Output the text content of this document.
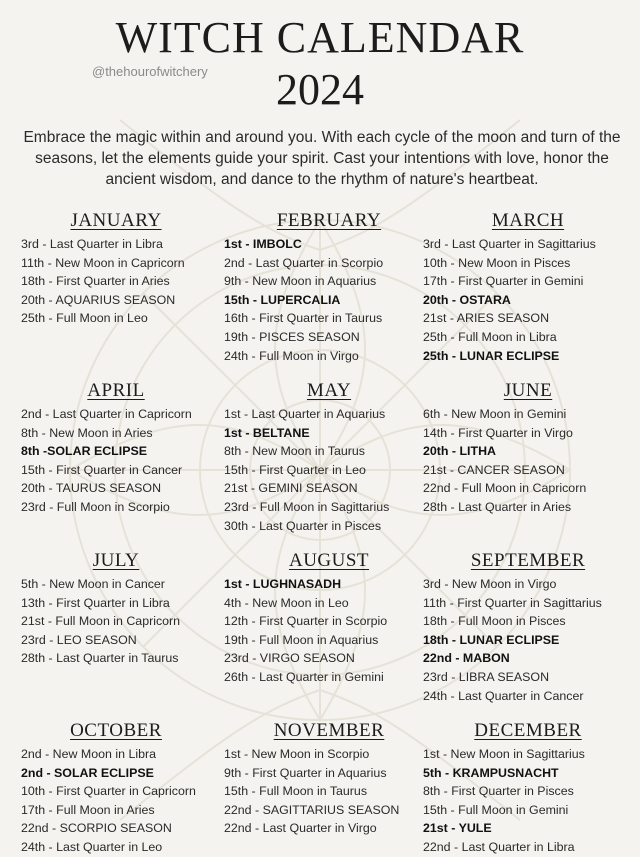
WITCH CALENDAR
@thehourofwitchery	2024
Embrace the magic within and around you. With each cycle of the moon and turn of the seasons, let the elements guide your spirit. Cast your intentions with love, honor the ancient wisdom, and dance to the rhythm of nature's heartbeat.
JANUARY
3rd - Last Quarter in Libra
11th - New Moon in Capricorn
18th - First Quarter in Aries
20th - AQUARIUS SEASON
25th - Full Moon in Leo
FEBRUARY
1st - IMBOLC
2nd - Last Quarter in Scorpio
9th - New Moon in Aquarius
15th - LUPERCALIA
16th - First Quarter in Taurus
19th - PISCES SEASON
24th - Full Moon in Virgo
MARCH
3rd - Last Quarter in Sagittarius
10th - New Moon in Pisces
17th - First Quarter in Gemini
20th - OSTARA
21st - ARIES SEASON
25th - Full Moon in Libra
25th - LUNAR ECLIPSE
APRIL
2nd - Last Quarter in Capricorn
8th - New Moon in Aries
8th -SOLAR ECLIPSE
15th - First Quarter in Cancer
20th - TAURUS SEASON
23rd - Full Moon in Scorpio
MAY
1st - Last Quarter in Aquarius
1st - BELTANE
8th - New Moon in Taurus
15th - First Quarter in Leo
21st - GEMINI SEASON
23rd - Full Moon in Sagittarius
30th - Last Quarter in Pisces
JUNE
6th - New Moon in Gemini
14th - First Quarter in Virgo
20th - LITHA
21st - CANCER SEASON
22nd - Full Moon in Capricorn
28th - Last Quarter in Aries
JULY
5th - New Moon in Cancer
13th - First Quarter in Libra
21st - Full Moon in Capricorn
23rd - LEO SEASON
28th - Last Quarter in Taurus
AUGUST
1st - LUGHNASADH
4th - New Moon in Leo
12th - First Quarter in Scorpio
19th - Full Moon in Aquarius
23rd - VIRGO SEASON
26th - Last Quarter in Gemini
SEPTEMBER
3rd - New Moon in Virgo
11th - First Quarter in Sagittarius
18th - Full Moon in Pisces
18th - LUNAR ECLIPSE
22nd - MABON
23rd - LIBRA SEASON
24th - Last Quarter in Cancer
OCTOBER
2nd - New Moon in Libra
2nd - SOLAR ECLIPSE
10th - First Quarter in Capricorn
17th - Full Moon in Aries
22nd - SCORPIO SEASON
24th - Last Quarter in Leo
NOVEMBER
1st - New Moon in Scorpio
9th - First Quarter in Aquarius
15th - Full Moon in Taurus
22nd - SAGITTARIUS SEASON
22nd - Last Quarter in Virgo
DECEMBER
1st - New Moon in Sagittarius
5th - KRAMPUSNACHT
8th - First Quarter in Pisces
15th - Full Moon in Gemini
21st - YULE
22nd - Last Quarter in Libra
